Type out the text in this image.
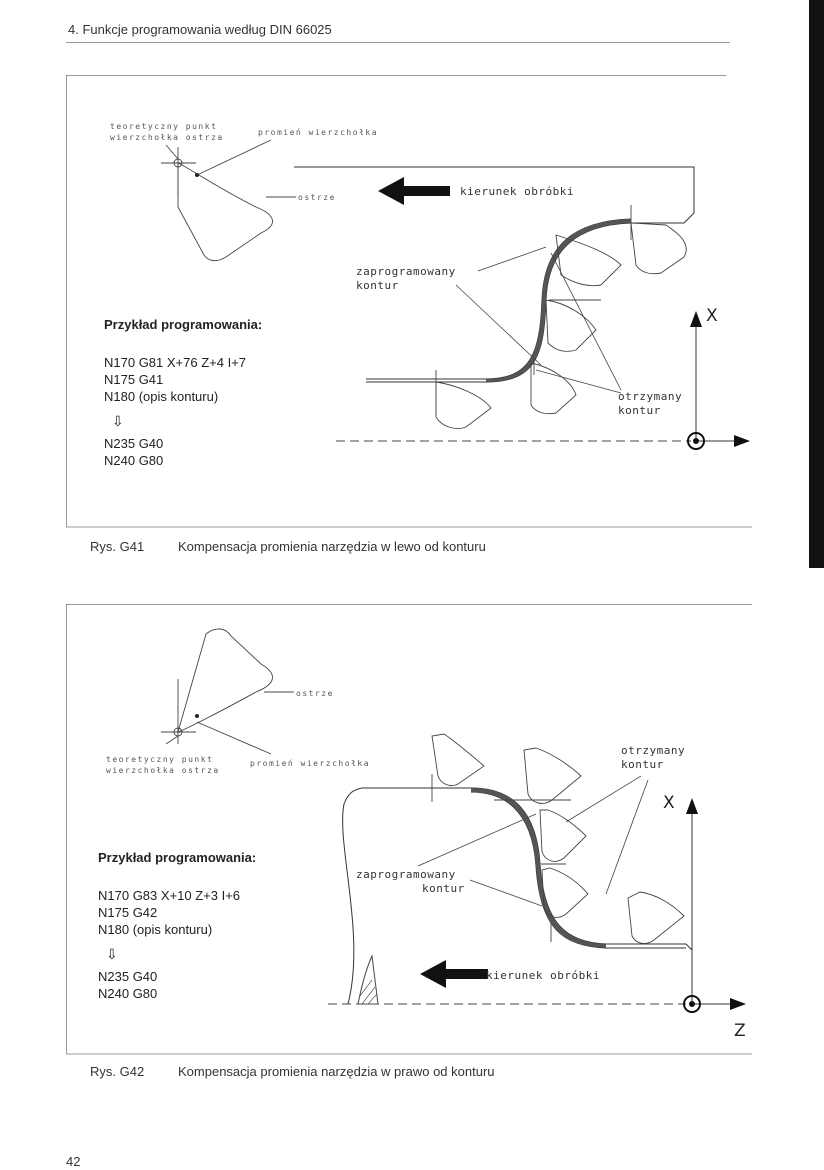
4. Funkcje programowania według DIN 66025
teoretyczny punkt
wierzchołka ostrza
promień wierzchołka
ostrze
zaprogramowany
kontur
otrzymany
kontur
kierunek obróbki
X
Przykład programowania:
N170 G81 X+76 Z+4 I+7
N175 G41
N180 (opis konturu)
⇩
N235 G40
N240 G80
Rys. G41	Kompensacja promienia narzędzia w lewo od konturu
teoretyczny punkt
wierzchołka ostrza
promień wierzchołka
ostrze
zaprogramowany
kontur
otrzymany
kontur
kierunek obróbki
X
Z
Przykład programowania:
N170 G83 X+10 Z+3 I+6
N175 G42
N180 (opis konturu)
⇩
N235 G40
N240 G80
Rys. G42	Kompensacja promienia narzędzia w prawo od konturu
42
